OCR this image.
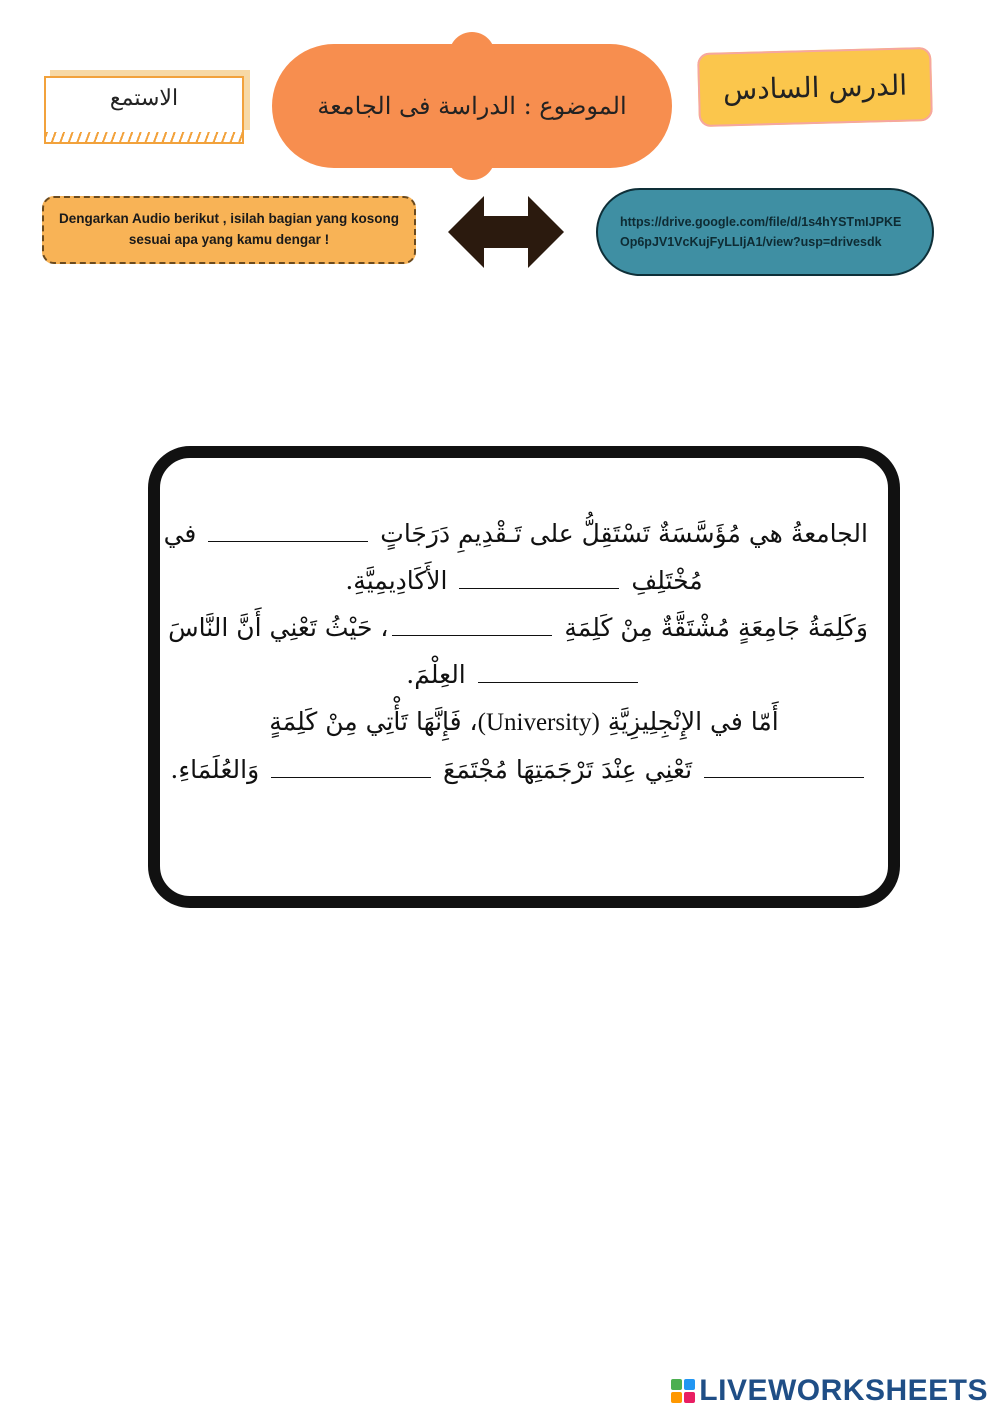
الاستمع	الموضوع : الدراسة فى الجامعة
الدرس السادس
Dengarkan Audio berikut , isilah bagian yang kosong sesuai apa yang kamu dengar !
https://drive.google.com/file/d/1s4hYSTmIJPKEOp6pJV1VcKujFyLLIjA1/view?usp=drivesdk
الجامعةُ هي مُؤَسَّسَةٌ تَسْتَقِلُّ على تَـقْدِيمِ دَرَجَاتٍ  في
مُخْتَلِفِ  الأَكَادِيمِيَّةِ.
وَكَلِمَةُ جَامِعَةٍ مُشْتَقَّةٌ مِنْ كَلِمَةِ ، حَيْثُ تَعْنِي أَنَّ النَّاسَ
العِلْمَ.
أَمّا في الإِنْجِلِيزِيَّةِ (University)، فَإِنَّهَا تَأْتِي مِنْ كَلِمَةٍ
تَعْنِي عِنْدَ تَرْجَمَتِهَا مُجْتَمَعَ  وَالعُلَمَاءِ.
LIVEWORKSHEETS
